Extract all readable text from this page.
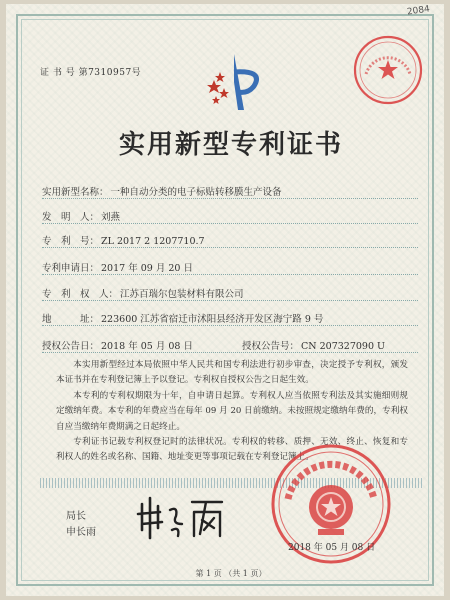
2084
证 书 号 第7310957号
实用新型专利证书
实用新型名称： 一种自动分类的电子标贴转移膜生产设备
发　明　人： 刘燕
专　利　号： ZL 2017 2 1207710.7
专利申请日： 2017 年 09 月 20 日
专　利　权　人： 江苏百瑞尔包装材料有限公司
地　　　址： 223600 江苏省宿迁市沭阳县经济开发区海宁路 9 号
授权公告日： 2018 年 05 月 08 日	授权公告号： CN 207327090 U
本实用新型经过本局依照中华人民共和国专利法进行初步审查，决定授予专利权，颁发本证书并在专利登记簿上予以登记。专利权自授权公告之日起生效。
本专利的专利权期限为十年，自申请日起算。专利权人应当依照专利法及其实施细则规定缴纳年费。本专利的年费应当在每年 09 月 20 日前缴纳。未按照规定缴纳年费的，专利权自应当缴纳年费期满之日起终止。
专利证书记载专利权登记时的法律状况。专利权的转移、质押、无效、终止、恢复和专利权人的姓名或名称、国籍、地址变更等事项记载在专利登记簿上。
局长
申长雨
2018 年 05 月 08 日
第 1 页 （共 1 页）
